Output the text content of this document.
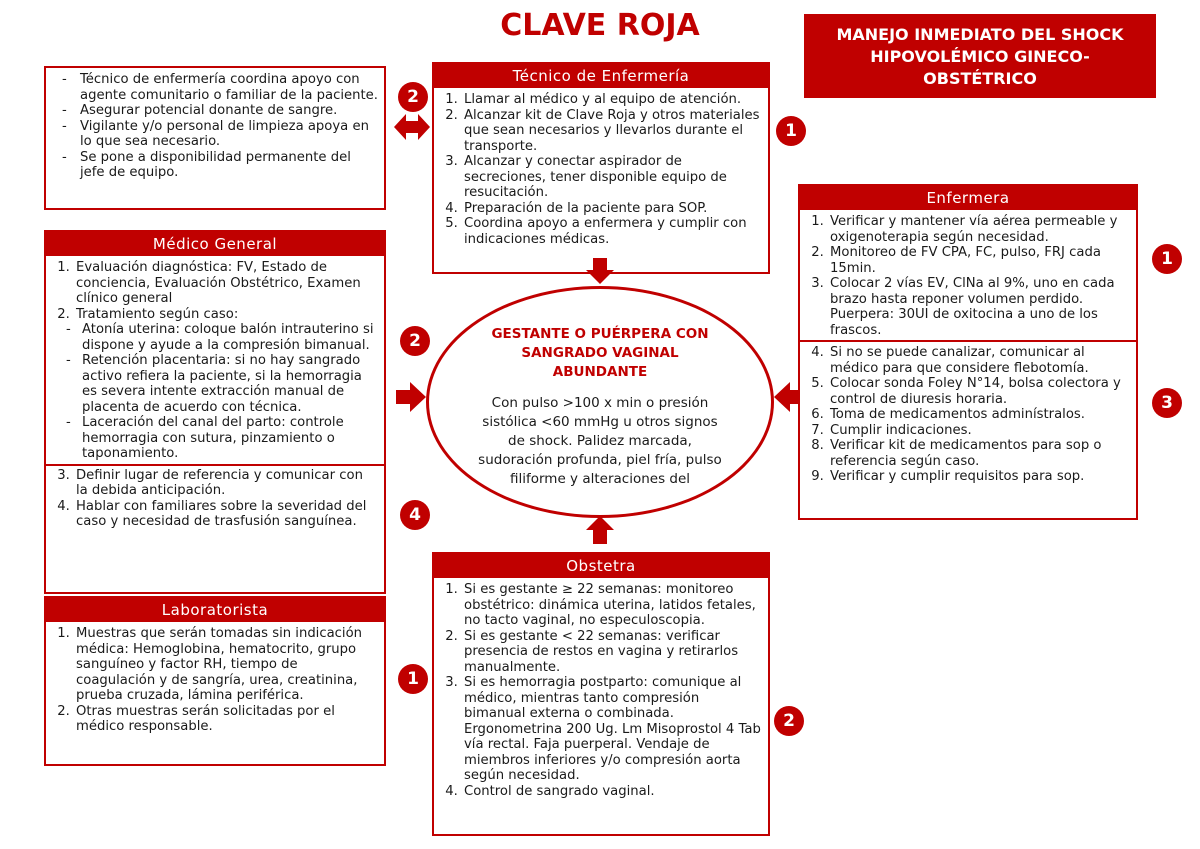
CLAVE ROJA	MANEJO INMEDIATO DEL SHOCK HIPOVOLÉMICO GINECO-OBSTÉTRICO
- Técnico de enfermería coordina apoyo con agente comunitario o familiar de la paciente.
- Asegurar potencial donante de sangre.
- Vigilante y/o personal de limpieza apoya en lo que sea necesario.
- Se pone a disponibilidad permanente del jefe de equipo.
Técnico de Enfermería
1. Llamar al médico y al equipo de atención.
2. Alcanzar kit de Clave Roja y otros materiales que sean necesarios y llevarlos durante el transporte.
3. Alcanzar y conectar aspirador de secreciones, tener disponible equipo de resucitación.
4. Preparación de la paciente para SOP.
5. Coordina apoyo a enfermera y cumplir con indicaciones médicas.
Médico General
1. Evaluación diagnóstica: FV, Estado de conciencia, Evaluación Obstétrico, Examen clínico general
2. Tratamiento según caso:
- Atonía uterina: coloque balón intrauterino si dispone y ayude a la compresión bimanual.
- Retención placentaria: si no hay sangrado activo refiera la paciente, si la hemorragia es severa intente extracción manual de placenta de acuerdo con técnica.
- Laceración del canal del parto: controle hemorragia con sutura, pinzamiento o taponamiento.
3. Definir lugar de referencia y comunicar con la debida anticipación.
4. Hablar con familiares sobre la severidad del caso y necesidad de trasfusión sanguínea.
Laboratorista
1. Muestras que serán tomadas sin indicación médica: Hemoglobina, hematocrito, grupo sanguíneo y factor RH, tiempo de coagulación y de sangría, urea, creatinina, prueba cruzada, lámina periférica.
2. Otras muestras serán solicitadas por el médico responsable.
GESTANTE O PUÉRPERA CON SANGRADO VAGINAL ABUNDANTE
Con pulso >100 x min o presión sistólica <60 mmHg u otros signos de shock. Palidez marcada, sudoración profunda, piel fría, pulso filiforme y alteraciones del
Enfermera
1. Verificar y mantener vía aérea permeable y oxigenoterapia según necesidad.
2. Monitoreo de FV CPA, FC, pulso, FRJ cada 15min.
3. Colocar 2 vías EV, ClNa al 9%, uno en cada brazo hasta reponer volumen perdido.
Puerpera: 30UI de oxitocina a uno de los frascos.
4. Si no se puede canalizar, comunicar al médico para que considere flebotomía.
5. Colocar sonda Foley N°14, bolsa colectora y control de diuresis horaria.
6. Toma de medicamentos adminístralos.
7. Cumplir indicaciones.
8. Verificar kit de medicamentos para sop o referencia según caso.
9. Verificar y cumplir requisitos para sop.
Obstetra
1. Si es gestante ≥ 22 semanas: monitoreo obstétrico: dinámica uterina, latidos fetales, no tacto vaginal, no especuloscopia.
2. Si es gestante < 22 semanas: verificar presencia de restos en vagina y retirarlos manualmente.
3. Si es hemorragia postparto: comunique al médico, mientras tanto compresión bimanual externa o combinada. Ergonometrina 200 Ug. Lm Misoprostol 4 Tab vía rectal. Faja puerperal. Vendaje de miembros inferiores y/o compresión aorta según necesidad.
4. Control de sangrado vaginal.
2
1
1
3
2
4
1
2
